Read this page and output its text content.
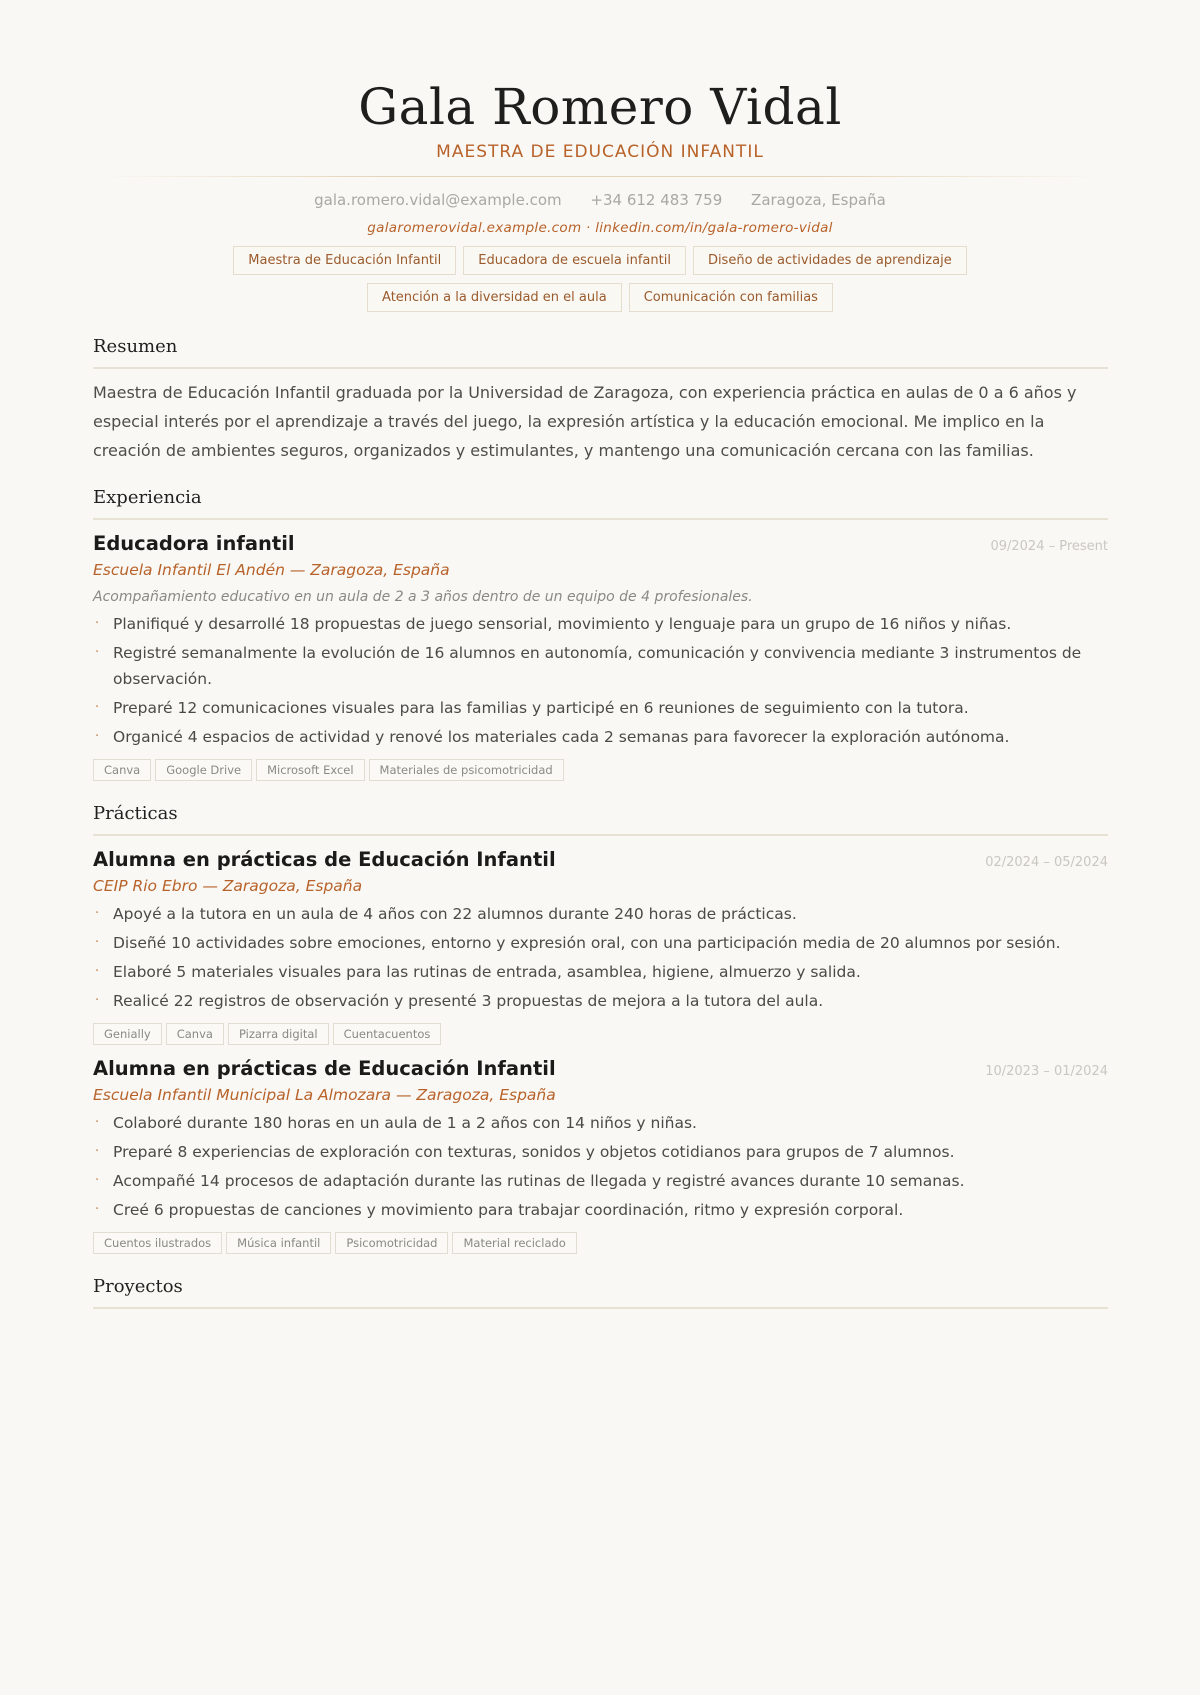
Gala Romero Vidal
MAESTRA DE EDUCACIÓN INFANTIL
gala.romero.vidal@example.com +34 612 483 759 Zaragoza, España
galaromerovidal.example.com · linkedin.com/in/gala-romero-vidal
Maestra de Educación Infantil	Educadora de escuela infantil	Diseño de actividades de aprendizaje
Atención a la diversidad en el aula	Comunicación con familias
Resumen
Maestra de Educación Infantil graduada por la Universidad de Zaragoza, con experiencia práctica en aulas de 0 a 6 años y especial interés por el aprendizaje a través del juego, la expresión artística y la educación emocional. Me implico en la creación de ambientes seguros, organizados y estimulantes, y mantengo una comunicación cercana con las familias.
Experiencia
Educadora infantil	09/2024 – Present
Escuela Infantil El Andén — Zaragoza, España
Acompañamiento educativo en un aula de 2 a 3 años dentro de un equipo de 4 profesionales.
· Planifiqué y desarrollé 18 propuestas de juego sensorial, movimiento y lenguaje para un grupo de 16 niños y niñas.
· Registré semanalmente la evolución de 16 alumnos en autonomía, comunicación y convivencia mediante 3 instrumentos de observación.
· Preparé 12 comunicaciones visuales para las familias y participé en 6 reuniones de seguimiento con la tutora.
· Organicé 4 espacios de actividad y renové los materiales cada 2 semanas para favorecer la exploración autónoma.
Canva	Google Drive	Microsoft Excel	Materiales de psicomotricidad
Prácticas
Alumna en prácticas de Educación Infantil	02/2024 – 05/2024
CEIP Rio Ebro — Zaragoza, España
· Apoyé a la tutora en un aula de 4 años con 22 alumnos durante 240 horas de prácticas.
· Diseñé 10 actividades sobre emociones, entorno y expresión oral, con una participación media de 20 alumnos por sesión.
· Elaboré 5 materiales visuales para las rutinas de entrada, asamblea, higiene, almuerzo y salida.
· Realicé 22 registros de observación y presenté 3 propuestas de mejora a la tutora del aula.
Genially	Canva	Pizarra digital	Cuentacuentos
Alumna en prácticas de Educación Infantil	10/2023 – 01/2024
Escuela Infantil Municipal La Almozara — Zaragoza, España
· Colaboré durante 180 horas en un aula de 1 a 2 años con 14 niños y niñas.
· Preparé 8 experiencias de exploración con texturas, sonidos y objetos cotidianos para grupos de 7 alumnos.
· Acompañé 14 procesos de adaptación durante las rutinas de llegada y registré avances durante 10 semanas.
· Creé 6 propuestas de canciones y movimiento para trabajar coordinación, ritmo y expresión corporal.
Cuentos ilustrados	Música infantil	Psicomotricidad	Material reciclado
Proyectos
